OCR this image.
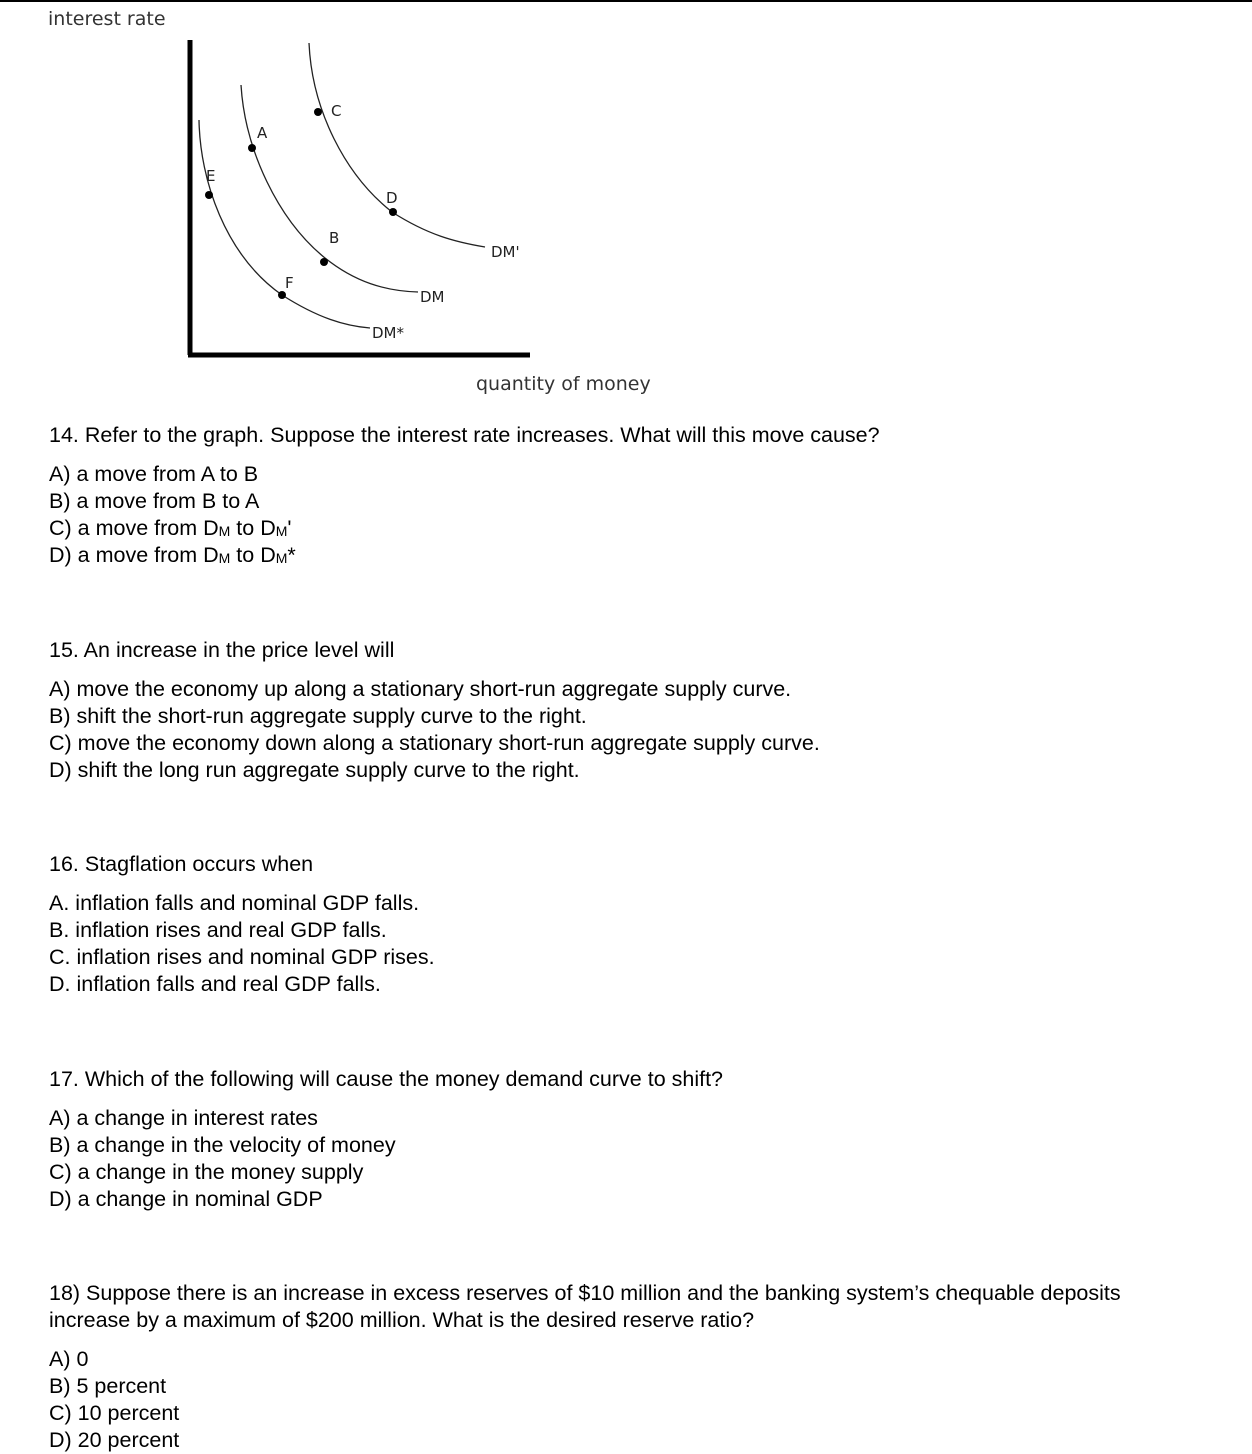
interest rate
quantity of money
A
B
C
D
E
F
DM'
DM
DM*
14. Refer to the graph. Suppose the interest rate increases. What will this move cause?
A) a move from A to B
B) a move from B to A
C) a move from $D_M$ to $D_M'$
D) a move from $D_M$ to $D_M*$
15. An increase in the price level will
A) move the economy up along a stationary short-run aggregate supply curve.
B) shift the short-run aggregate supply curve to the right.
C) move the economy down along a stationary short-run aggregate supply curve.
D) shift the long run aggregate supply curve to the right.
16. Stagflation occurs when
A. inflation falls and nominal GDP falls.
B. inflation rises and real GDP falls.
C. inflation rises and nominal GDP rises.
D. inflation falls and real GDP falls.
17. Which of the following will cause the money demand curve to shift?
A) a change in interest rates
B) a change in the velocity of money
C) a change in the money supply
D) a change in nominal GDP
18) Suppose there is an increase in excess reserves of $10 million and the banking system’s chequable deposits increase by a maximum of $200 million. What is the desired reserve ratio?
A) 0
B) 5 percent
C) 10 percent
D) 20 percent
